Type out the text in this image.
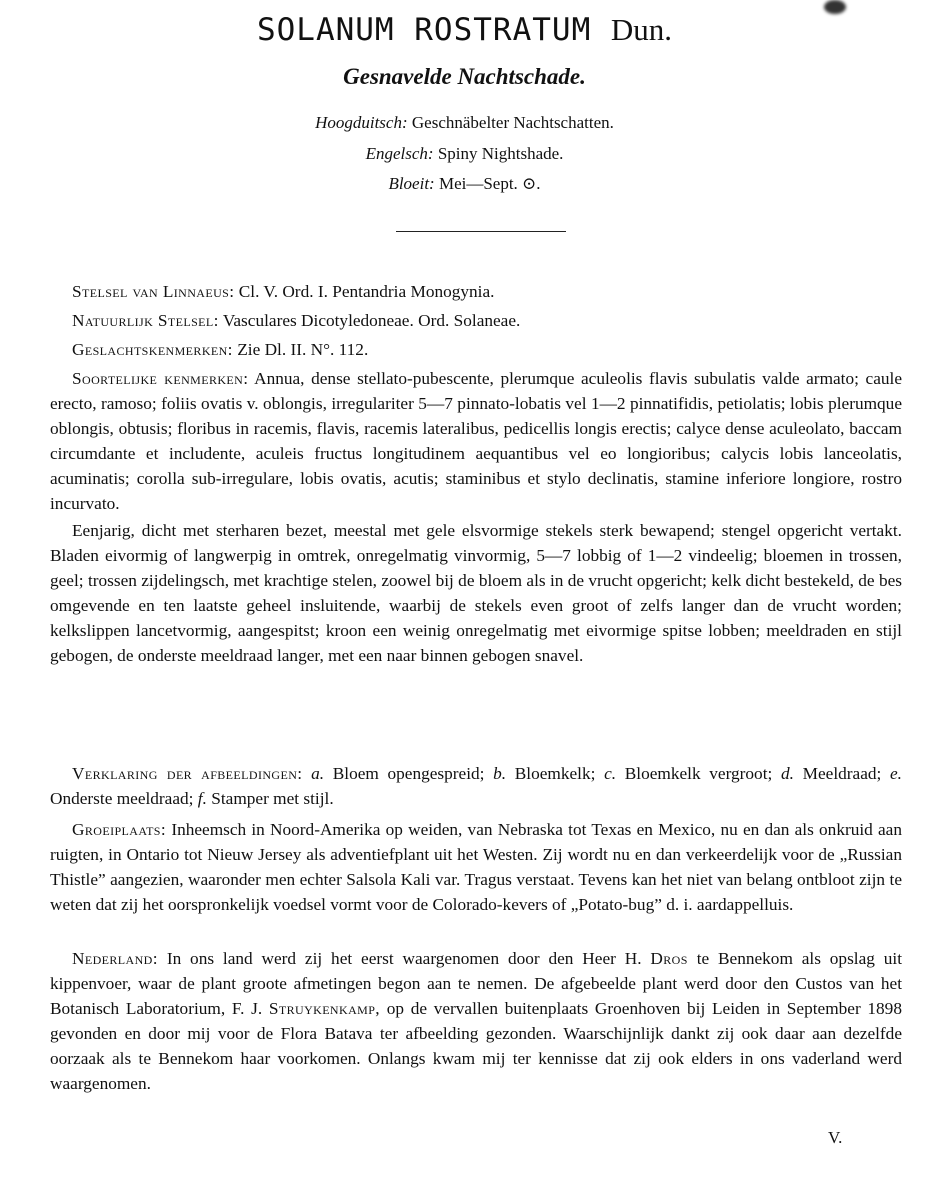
SOLANUM ROSTRATUM Dun.
Gesnavelde Nachtschade.
Hoogduitsch: Geschnäbelter Nachtschatten.
Engelsch: Spiny Nightshade.
Bloeit: Mei—Sept. ⊙.

Stelsel van Linnaeus: Cl. V. Ord. I. Pentandria Monogynia.

Natuurlijk Stelsel: Vasculares Dicotyledoneae. Ord. Solaneae.

Geslachtskenmerken: Zie Dl. II. N°. 112.

Soortelijke kenmerken: Annua, dense stellato-pubescente, plerumque aculeolis flavis subulatis valde armato; caule erecto, ramoso; foliis ovatis v. oblongis, irregulariter 5—7 pinnato-lobatis vel 1—2 pinnatifidis, petiolatis; lobis plerumque oblongis, obtusis; floribus in racemis, flavis, racemis lateralibus, pedicellis longis erectis; calyce dense aculeolato, baccam circumdante et includente, aculeis fructus longitudinem aequantibus vel eo longioribus; calycis lobis lanceolatis, acuminatis; corolla sub-irregulare, lobis ovatis, acutis; staminibus et stylo declinatis, stamine inferiore longiore, rostro incurvato.

Eenjarig, dicht met sterharen bezet, meestal met gele elsvormige stekels sterk bewapend; stengel opgericht vertakt. Bladen eivormig of langwerpig in omtrek, onregelmatig vinvormig, 5—7 lobbig of 1—2 vindeelig; bloemen in trossen, geel; trossen zijdelingsch, met krachtige stelen, zoowel bij de bloem als in de vrucht opgericht; kelk dicht bestekeld, de bes omgevende en ten laatste geheel insluitende, waarbij de stekels even groot of zelfs langer dan de vrucht worden; kelkslippen lancetvormig, aangespitst; kroon een weinig onregelmatig met eivormige spitse lobben; meeldraden en stijl gebogen, de onderste meeldraad langer, met een naar binnen gebogen snavel.

Verklaring der afbeeldingen: a. Bloem opengespreid; b. Bloemkelk; c. Bloemkelk vergroot; d. Meeldraad; e. Onderste meeldraad; f. Stamper met stijl.

Groeiplaats: Inheemsch in Noord-Amerika op weiden, van Nebraska tot Texas en Mexico, nu en dan als onkruid aan ruigten, in Ontario tot Nieuw Jersey als adventiefplant uit het Westen. Zij wordt nu en dan verkeerdelijk voor de „Russian Thistle” aangezien, waaronder men echter Salsola Kali var. Tragus verstaat. Tevens kan het niet van belang ontbloot zijn te weten dat zij het oorspronkelijk voedsel vormt voor de Colorado-kevers of „Potato-bug” d. i. aardappelluis.

Nederland: In ons land werd zij het eerst waargenomen door den Heer H. Dros te Bennekom als opslag uit kippenvoer, waar de plant groote afmetingen begon aan te nemen. De afgebeelde plant werd door den Custos van het Botanisch Laboratorium, F. J. Struykenkamp, op de vervallen buitenplaats Groenhoven bij Leiden in September 1898 gevonden en door mij voor de Flora Batava ter afbeelding gezonden. Waarschijnlijk dankt zij ook daar aan dezelfde oorzaak als te Bennekom haar voorkomen. Onlangs kwam mij ter kennisse dat zij ook elders in ons vaderland werd waargenomen.

V.
